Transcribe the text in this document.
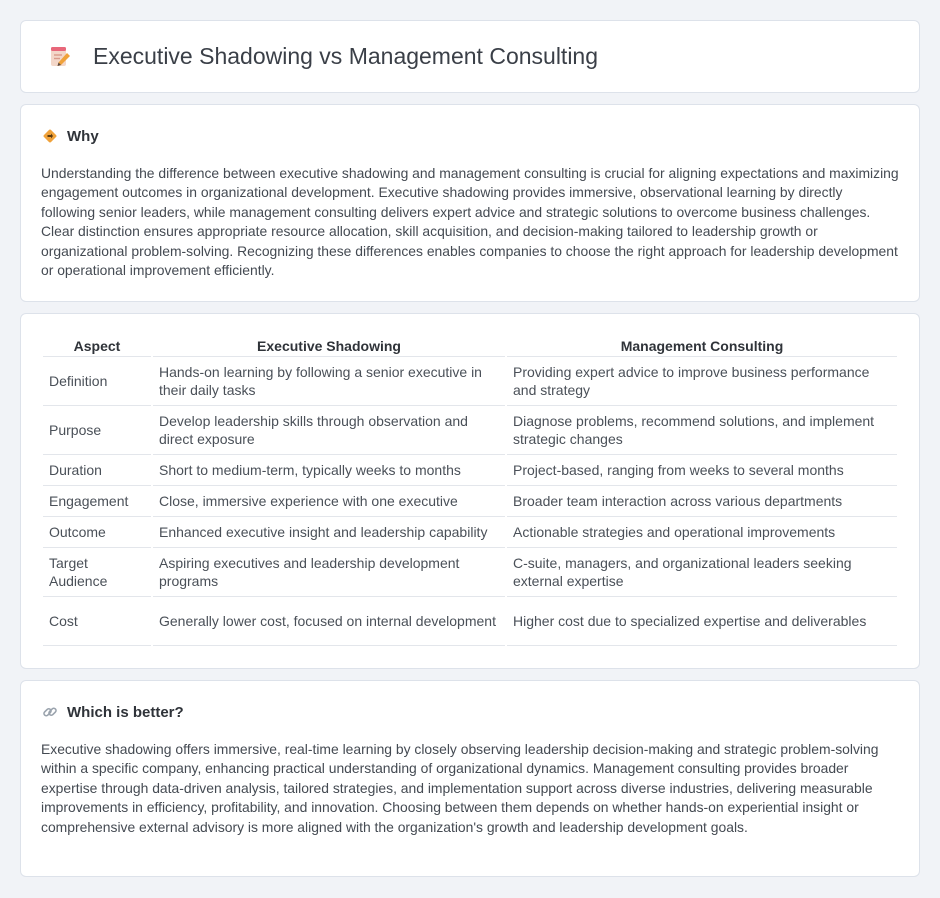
Executive Shadowing vs Management Consulting
Why

Understanding the difference between executive shadowing and management consulting is crucial for aligning expectations and maximizing engagement outcomes in organizational development. Executive shadowing provides immersive, observational learning by directly following senior leaders, while management consulting delivers expert advice and strategic solutions to overcome business challenges. Clear distinction ensures appropriate resource allocation, skill acquisition, and decision-making tailored to leadership growth or organizational problem-solving. Recognizing these differences enables companies to choose the right approach for leadership development or operational improvement efficiently.

Aspect	Executive Shadowing	Management Consulting
Definition	Hands-on learning by following a senior executive in their daily tasks	Providing expert advice to improve business performance and strategy
Purpose	Develop leadership skills through observation and direct exposure	Diagnose problems, recommend solutions, and implement strategic changes
Duration	Short to medium-term, typically weeks to months	Project-based, ranging from weeks to several months
Engagement	Close, immersive experience with one executive	Broader team interaction across various departments
Outcome	Enhanced executive insight and leadership capability	Actionable strategies and operational improvements
Target Audience	Aspiring executives and leadership development programs	C-suite, managers, and organizational leaders seeking external expertise
Cost	Generally lower cost, focused on internal development	Higher cost due to specialized expertise and deliverables
Which is better?

Executive shadowing offers immersive, real-time learning by closely observing leadership decision-making and strategic problem-solving within a specific company, enhancing practical understanding of organizational dynamics. Management consulting provides broader expertise through data-driven analysis, tailored strategies, and implementation support across diverse industries, delivering measurable improvements in efficiency, profitability, and innovation. Choosing between them depends on whether hands-on experiential insight or comprehensive external advisory is more aligned with the organization's growth and leadership development goals.
